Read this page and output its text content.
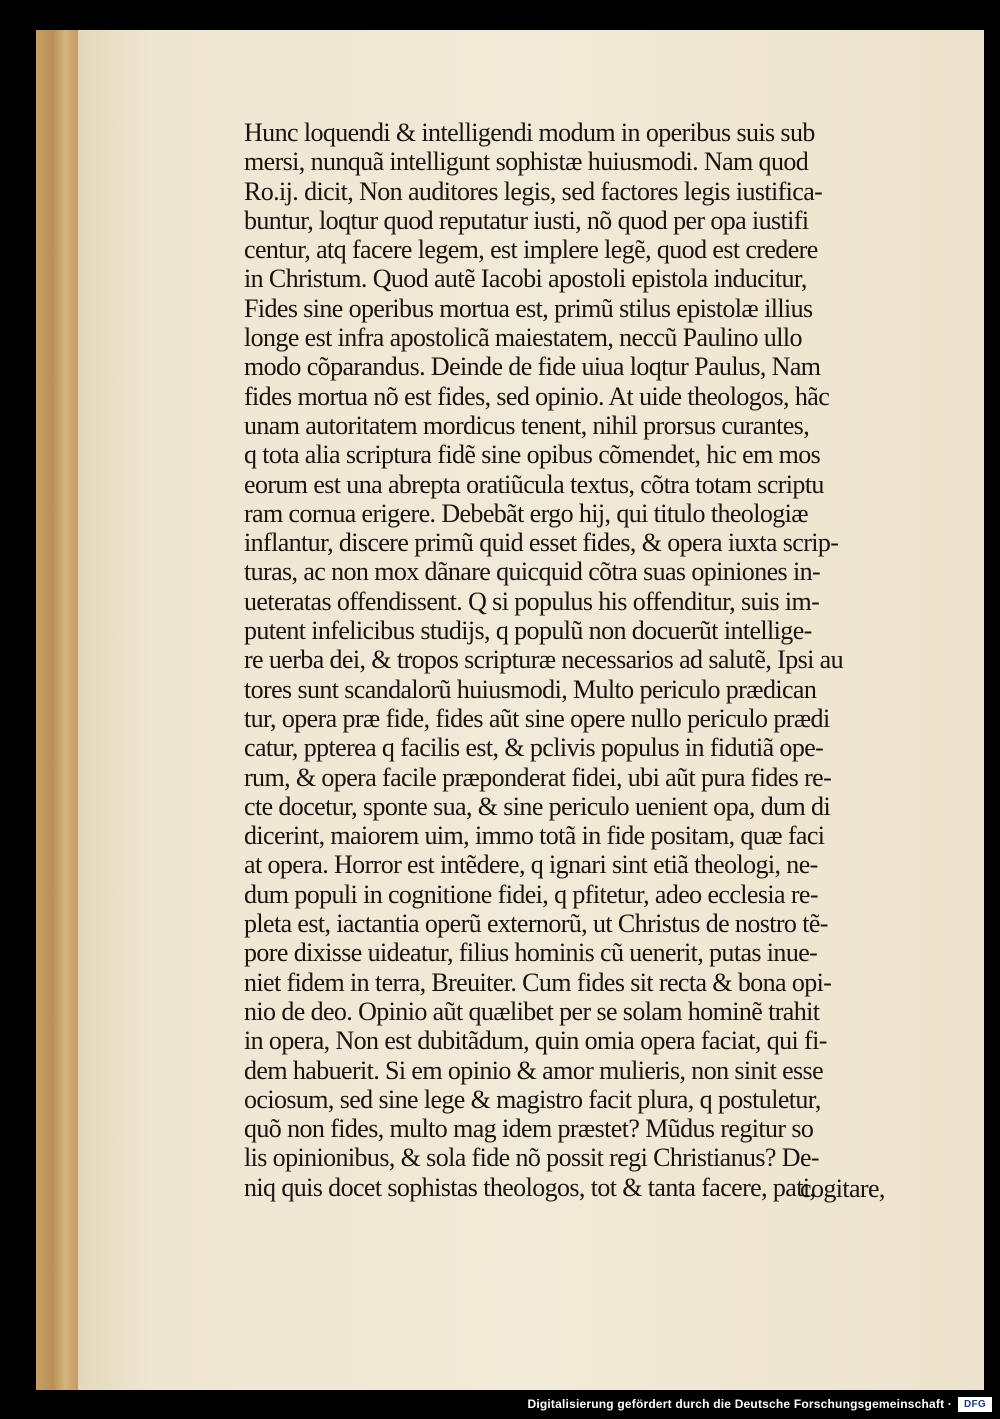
Hunc loquendi & intelligendi modum in operibus suis sub
mersi, nunquã intelligunt sophistæ huiusmodi. Nam quod
Ro.ij. dicit, Non auditores legis, sed factores legis iustifica-
buntur, loqtur quod reputatur iusti, nõ quod per opa iustifi
centur, atq facere legem, est implere legẽ, quod est credere
in Christum. Quod autẽ Iacobi apostoli epistola inducitur,
Fides sine operibus mortua est, primũ stilus epistolæ illius
longe est infra apostolicã maiestatem, neccũ Paulino ullo
modo cõparandus. Deinde de fide uiua loqtur Paulus, Nam
fides mortua nõ est fides, sed opinio. At uide theologos, hãc
unam autoritatem mordicus tenent, nihil prorsus curantes,
q tota alia scriptura fidẽ sine opibus cõmendet, hic em mos
eorum est una abrepta oratiũcula textus, cõtra totam scriptu
ram cornua erigere. Debebãt ergo hij, qui titulo theologiæ
inflantur, discere primũ quid esset fides, & opera iuxta scrip-
turas, ac non mox dãnare quicquid cõtra suas opiniones in-
ueteratas offendissent. Q si populus his offenditur, suis im-
putent infelicibus studijs, q populũ non docuerũt intellige-
re uerba dei, & tropos scripturæ necessarios ad salutẽ, Ipsi au
tores sunt scandalorũ huiusmodi, Multo periculo prædican
tur, opera præ fide, fides aũt sine opere nullo periculo prædi
catur, ppterea q facilis est, & pclivis populus in fidutiã ope-
rum, & opera facile præponderat fidei, ubi aũt pura fides re-
cte docetur, sponte sua, & sine periculo uenient opa, dum di
dicerint, maiorem uim, immo totã in fide positam, quæ faci
at opera. Horror est intẽdere, q ignari sint etiã theologi, ne-
dum populi in cognitione fidei, q pfitetur, adeo ecclesia re-
pleta est, iactantia operũ externorũ, ut Christus de nostro tẽ-
pore dixisse uideatur, filius hominis cũ uenerit, putas inue-
niet fidem in terra, Breuiter. Cum fides sit recta & bona opi-
nio de deo. Opinio aũt quælibet per se solam hominẽ trahit
in opera, Non est dubitãdum, quin omia opera faciat, qui fi-
dem habuerit. Si em opinio & amor mulieris, non sinit esse
ociosum, sed sine lege & magistro facit plura, q postuletur,
quõ non fides, multo mag idem præstet? Mũdus regitur so
lis opinionibus, & sola fide nõ possit regi Christianus? De-
niq quis docet sophistas theologos, tot & tanta facere, pati,
cogitare,
Digitalisierung gefördert durch die Deutsche Forschungsgemeinschaft ·	DFG
